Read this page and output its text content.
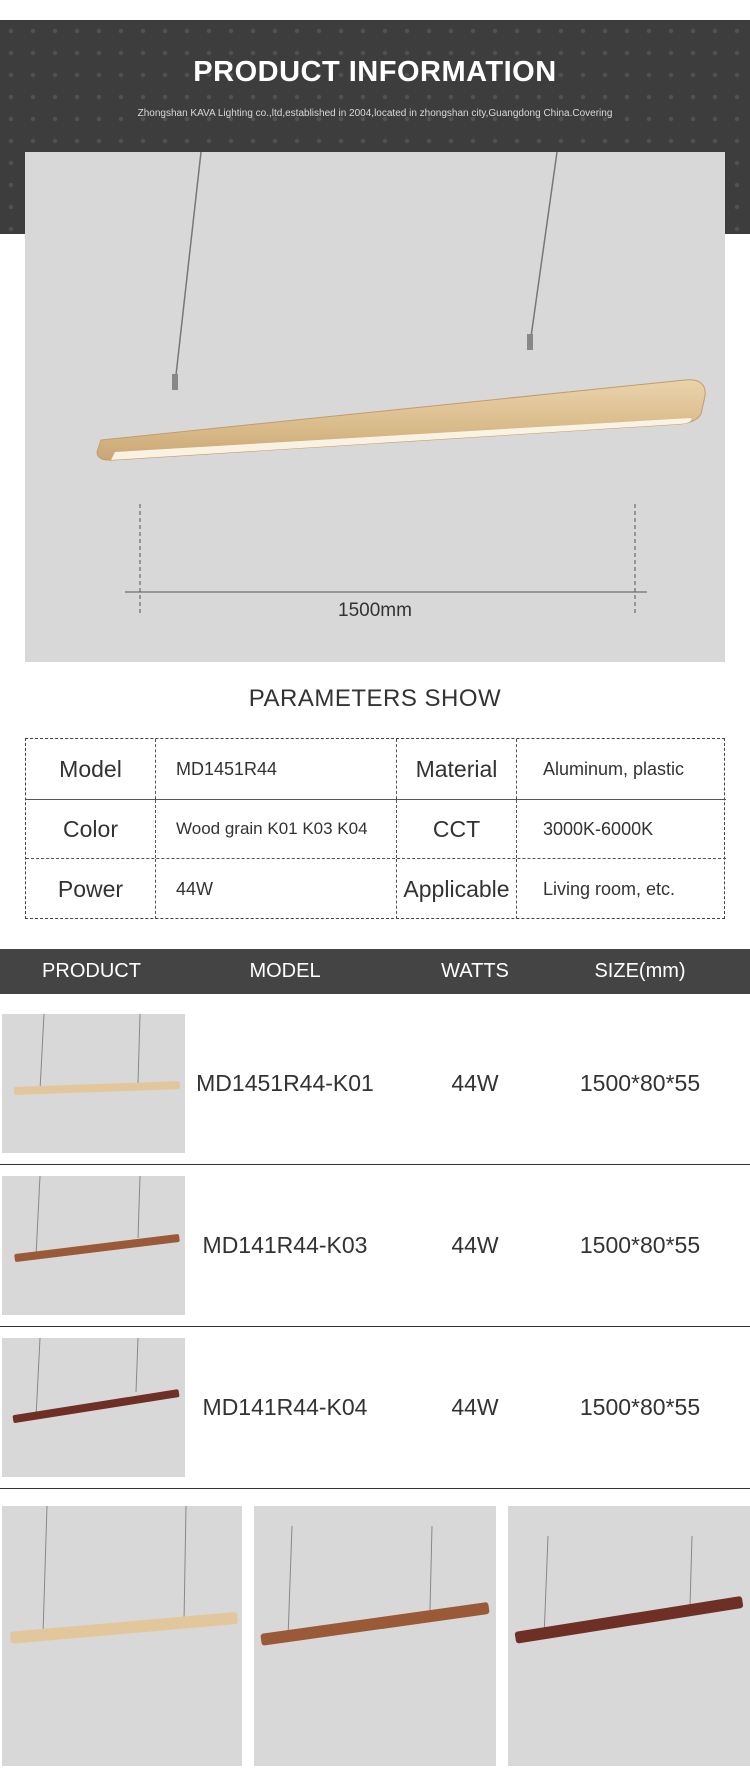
PRODUCT INFORMATION
Zhongshan KAVA Lighting co.,ltd,established in 2004,located in zhongshan city,Guangdong China.Covering
1500mm
PARAMETERS SHOW
Model	MD1451R44	Material	Aluminum, plastic
Color	Wood grain K01 K03 K04	CCT	3000K-6000K
Power	44W	Applicable	Living room, etc.
PRODUCT	MODEL	WATTS	SIZE(mm)
MD1451R44-K01	44W	1500*80*55
MD141R44-K03	44W	1500*80*55
MD141R44-K04	44W	1500*80*55
